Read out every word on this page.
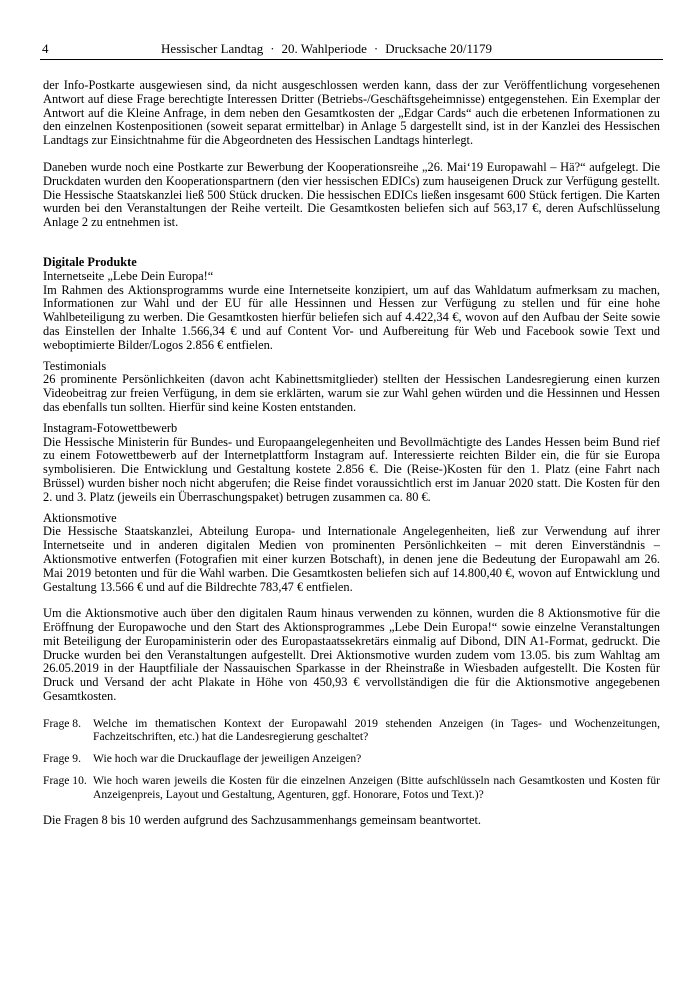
4	Hessischer Landtag · 20. Wahlperiode · Drucksache 20/1179

der Info-Postkarte ausgewiesen sind, da nicht ausgeschlossen werden kann, dass der zur Veröffentlichung vorgesehenen Antwort auf diese Frage berechtigte Interessen Dritter (Betriebs-/Geschäftsgeheimnisse) entgegenstehen. Ein Exemplar der Antwort auf die Kleine Anfrage, in dem neben den Gesamtkosten der „Edgar Cards“ auch die erbetenen Informationen zu den einzelnen Kostenpositionen (soweit separat ermittelbar) in Anlage 5 dargestellt sind, ist in der Kanzlei des Hessischen Landtags zur Einsichtnahme für die Abgeordneten des Hessischen Landtags hinterlegt.

Daneben wurde noch eine Postkarte zur Bewerbung der Kooperationsreihe „26. Mai‘19 Europawahl – Hä?“ aufgelegt. Die Druckdaten wurden den Kooperationspartnern (den vier hessischen EDICs) zum hauseigenen Druck zur Verfügung gestellt. Die Hessische Staatskanzlei ließ 500 Stück drucken. Die hessischen EDICs ließen insgesamt 600 Stück fertigen. Die Karten wurden bei den Veranstaltungen der Reihe verteilt. Die Gesamtkosten beliefen sich auf 563,17 €, deren Aufschlüsselung Anlage 2 zu entnehmen ist.

Digitale Produkte

Internetseite „Lebe Dein Europa!“

Im Rahmen des Aktionsprogramms wurde eine Internetseite konzipiert, um auf das Wahldatum aufmerksam zu machen, Informationen zur Wahl und der EU für alle Hessinnen und Hessen zur Verfügung zu stellen und für eine hohe Wahlbeteiligung zu werben. Die Gesamtkosten hierfür beliefen sich auf 4.422,34 €, wovon auf den Aufbau der Seite sowie das Einstellen der Inhalte 1.566,34 € und auf Content Vor- und Aufbereitung für Web und Facebook sowie Text und weboptimierte Bilder/Logos 2.856 € entfielen.

Testimonials

26 prominente Persönlichkeiten (davon acht Kabinettsmitglieder) stellten der Hessischen Landesregierung einen kurzen Videobeitrag zur freien Verfügung, in dem sie erklärten, warum sie zur Wahl gehen würden und die Hessinnen und Hessen das ebenfalls tun sollten. Hierfür sind keine Kosten entstanden.

Instagram-Fotowettbewerb

Die Hessische Ministerin für Bundes- und Europaangelegenheiten und Bevollmächtigte des Landes Hessen beim Bund rief zu einem Fotowettbewerb auf der Internetplattform Instagram auf. Interessierte reichten Bilder ein, die für sie Europa symbolisieren. Die Entwicklung und Gestaltung kostete 2.856 €. Die (Reise-)Kosten für den 1. Platz (eine Fahrt nach Brüssel) wurden bisher noch nicht abgerufen; die Reise findet voraussichtlich erst im Januar 2020 statt. Die Kosten für den 2. und 3. Platz (jeweils ein Überraschungspaket) betrugen zusammen ca. 80 €.

Aktionsmotive

Die Hessische Staatskanzlei, Abteilung Europa- und Internationale Angelegenheiten, ließ zur Verwendung auf ihrer Internetseite und in anderen digitalen Medien von prominenten Persönlichkeiten – mit deren Einverständnis – Aktionsmotive entwerfen (Fotografien mit einer kurzen Botschaft), in denen jene die Bedeutung der Europawahl am 26. Mai 2019 betonten und für die Wahl warben. Die Gesamtkosten beliefen sich auf 14.800,40 €, wovon auf Entwicklung und Gestaltung 13.566 € und auf die Bildrechte 783,47 € entfielen.

Um die Aktionsmotive auch über den digitalen Raum hinaus verwenden zu können, wurden die 8 Aktionsmotive für die Eröffnung der Europawoche und den Start des Aktionsprogrammes „Lebe Dein Europa!“ sowie einzelne Veranstaltungen mit Beteiligung der Europaministerin oder des Europastaatssekretärs einmalig auf Dibond, DIN A1-Format, gedruckt. Die Drucke wurden bei den Veranstaltungen aufgestellt. Drei Aktionsmotive wurden zudem vom 13.05. bis zum Wahltag am 26.05.2019 in der Hauptfiliale der Nassauischen Sparkasse in der Rheinstraße in Wiesbaden aufgestellt. Die Kosten für Druck und Versand der acht Plakate in Höhe von 450,93 € vervollständigen die für die Aktionsmotive angegebenen Gesamtkosten.

Frage 8.	Welche im thematischen Kontext der Europawahl 2019 stehenden Anzeigen (in Tages- und Wochenzeitungen, Fachzeitschriften, etc.) hat die Landesregierung geschaltet?
Frage 9.	Wie hoch war die Druckauflage der jeweiligen Anzeigen?
Frage 10. Wie hoch waren jeweils die Kosten für die einzelnen Anzeigen (Bitte aufschlüsseln nach Gesamtkosten und Kosten für Anzeigenpreis, Layout und Gestaltung, Agenturen, ggf. Honorare, Fotos und Text.)?

Die Fragen 8 bis 10 werden aufgrund des Sachzusammenhangs gemeinsam beantwortet.
